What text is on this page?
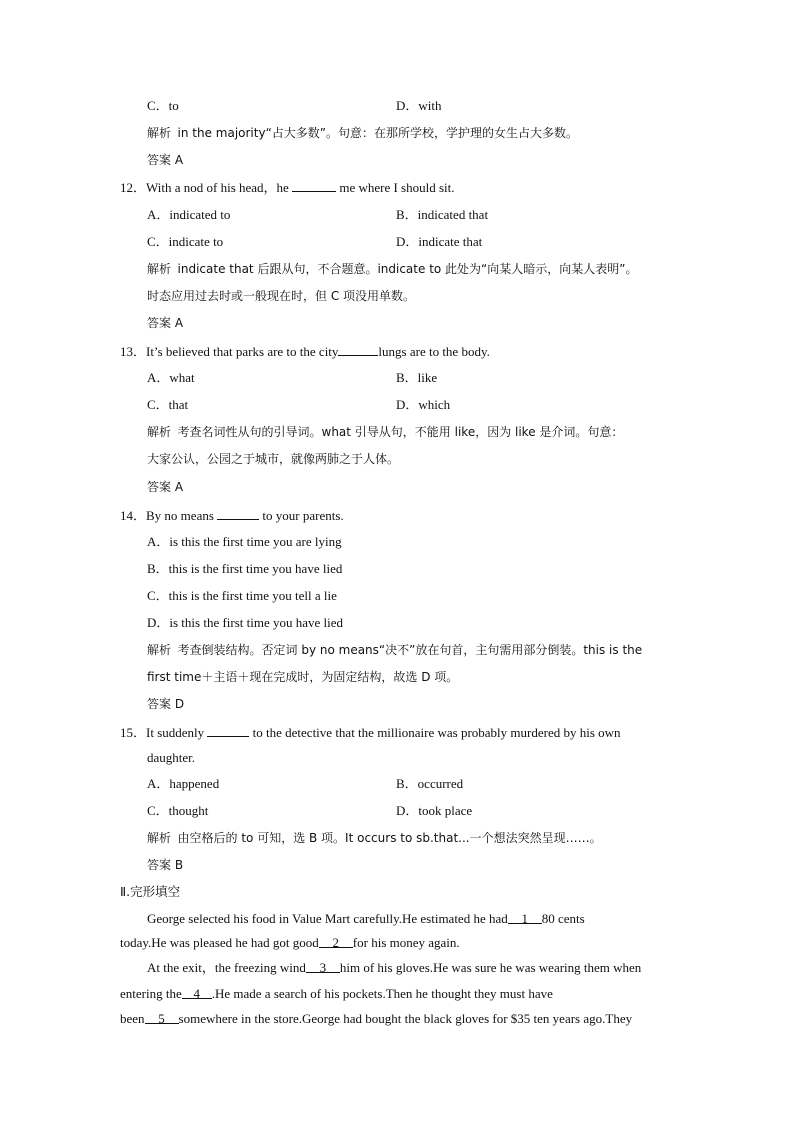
C．to	D．with
解析 in the majority“占大多数”。句意：在那所学校，学护理的女生占大多数。
答案 A
12．With a nod of his head，he	me where I should sit.
A．indicated to	B．indicated that
C．indicate to	D．indicate that
解析 indicate that 后跟从句，不合题意。indicate to 此处为“向某人暗示，向某人表明”。
时态应用过去时或一般现在时，但 C 项没用单数。
答案 A
13．It’s believed that parks are to the city	lungs are to the body.
A．what	B．like
C．that	D．which
解析 考查名词性从句的引导词。what 引导从句，不能用 like，因为 like 是介词。句意：
大家公认，公园之于城市，就像两肺之于人体。
答案 A
14．By no means	to your parents.
A．is this the first time you are lying
B．this is the first time you have lied
C．this is the first time you tell a lie
D．is this the first time you have lied
解析 考查倒装结构。否定词 by no means“决不”放在句首，主句需用部分倒装。this is the
first time＋主语＋现在完成时，为固定结构，故选 D 项。
答案 D
15．It suddenly	to the detective that the millionaire was probably murdered by his own
daughter.
A．happened	B．occurred
C．thought	D．took place
解析 由空格后的 to 可知，选 B 项。It occurs to sb.that...一个想法突然呈现……。
答案 B
Ⅱ.完形填空
George selected his food in Value Mart carefully.He estimated he had 1 80 cents
today.He was pleased he had got good 2 for his money again.
At the exit，the freezing wind 3 him of his gloves.He was sure he was wearing them when
entering the 4 .He made a search of his pockets.Then he thought they must have
been 5 somewhere in the store.George had bought the black gloves for $35 ten years ago.They
